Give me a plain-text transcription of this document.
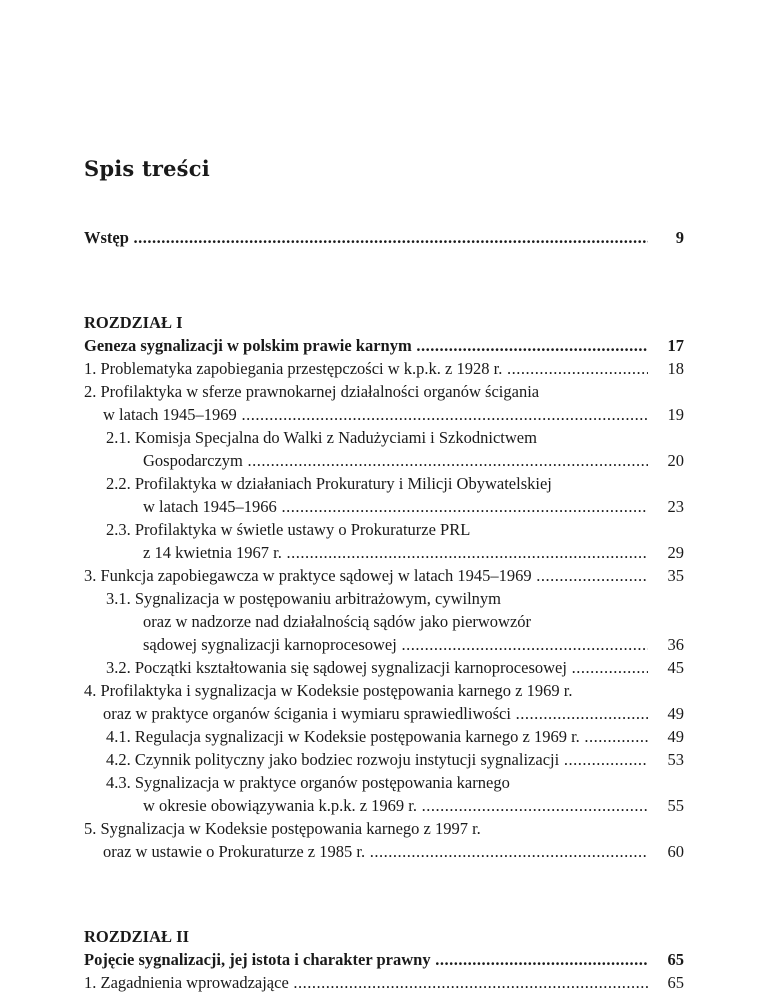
Spis treści
Wstęp .....	9
ROZDZIAŁ I
Geneza sygnalizacji w polskim prawie karnym .....	17
1. Problematyka zapobiegania przestępczości w k.p.k. z 1928 r. .....	18
2. Profilaktyka w sferze prawnokarnej działalności organów ścigania
w latach 1945–1969 .....	19
2.1. Komisja Specjalna do Walki z Nadużyciami i Szkodnictwem
Gospodarczym .....	20
2.2. Profilaktyka w działaniach Prokuratury i Milicji Obywatelskiej
w latach 1945–1966 .....	23
2.3. Profilaktyka w świetle ustawy o Prokuraturze PRL
z 14 kwietnia 1967 r. .....	29
3. Funkcja zapobiegawcza w praktyce sądowej w latach 1945–1969 .....	35
3.1. Sygnalizacja w postępowaniu arbitrażowym, cywilnym
oraz w nadzorze nad działalnością sądów jako pierwowzór
sądowej sygnalizacji karnoprocesowej .....	36
3.2. Początki kształtowania się sądowej sygnalizacji karnoprocesowej .....	45
4. Profilaktyka i sygnalizacja w Kodeksie postępowania karnego z 1969 r.
oraz w praktyce organów ścigania i wymiaru sprawiedliwości .....	49
4.1. Regulacja sygnalizacji w Kodeksie postępowania karnego z 1969 r. .....	49
4.2. Czynnik polityczny jako bodziec rozwoju instytucji sygnalizacji .....	53
4.3. Sygnalizacja w praktyce organów postępowania karnego
w okresie obowiązywania k.p.k. z 1969 r. .....	55
5. Sygnalizacja w Kodeksie postępowania karnego z 1997 r.
oraz w ustawie o Prokuraturze z 1985 r. .....	60
ROZDZIAŁ II
Pojęcie sygnalizacji, jej istota i charakter prawny .....	65
1. Zagadnienia wprowadzające .....	65
